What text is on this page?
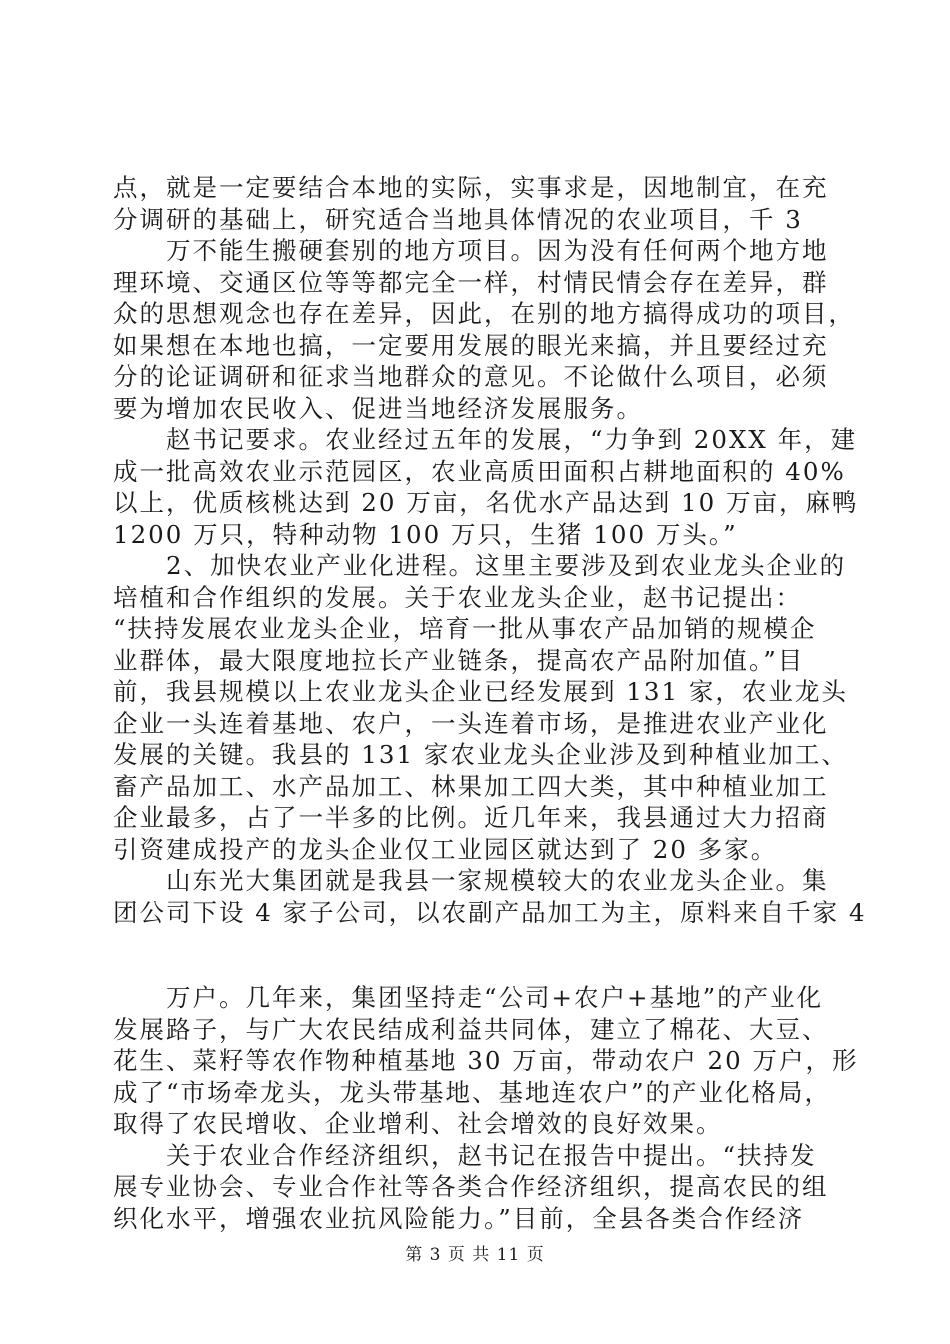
点，就是一定要结合本地的实际，实事求是，因地制宜，在充
分调研的基础上，研究适合当地具体情况的农业项目，千 3
　　万不能生搬硬套别的地方项目。因为没有任何两个地方地
理环境、交通区位等等都完全一样，村情民情会存在差异，群
众的思想观念也存在差异，因此，在别的地方搞得成功的项目，
如果想在本地也搞，一定要用发展的眼光来搞，并且要经过充
分的论证调研和征求当地群众的意见。不论做什么项目，必须
要为增加农民收入、促进当地经济发展服务。
　　赵书记要求。农业经过五年的发展，“力争到 20XX 年，建
成一批高效农业示范园区，农业高质田面积占耕地面积的 40%
以上，优质核桃达到 20 万亩，名优水产品达到 10 万亩，麻鸭
1200 万只，特种动物 100 万只，生猪 100 万头。”
　　2、加快农业产业化进程。这里主要涉及到农业龙头企业的
培植和合作组织的发展。关于农业龙头企业，赵书记提出：
“扶持发展农业龙头企业，培育一批从事农产品加销的规模企
业群体，最大限度地拉长产业链条，提高农产品附加值。”目
前，我县规模以上农业龙头企业已经发展到 131 家，农业龙头
企业一头连着基地、农户，一头连着市场，是推进农业产业化
发展的关键。我县的 131 家农业龙头企业涉及到种植业加工、
畜产品加工、水产品加工、林果加工四大类，其中种植业加工
企业最多，占了一半多的比例。近几年来，我县通过大力招商
引资建成投产的龙头企业仅工业园区就达到了 20 多家。
　　山东光大集团就是我县一家规模较大的农业龙头企业。集
团公司下设 4 家子公司，以农副产品加工为主，原料来自千家 4
　　万户。几年来，集团坚持走“公司+农户+基地”的产业化
发展路子，与广大农民结成利益共同体，建立了棉花、大豆、
花生、菜籽等农作物种植基地 30 万亩，带动农户 20 万户，形
成了“市场牵龙头，龙头带基地、基地连农户”的产业化格局，
取得了农民增收、企业增利、社会增效的良好效果。
　　关于农业合作经济组织，赵书记在报告中提出。“扶持发
展专业协会、专业合作社等各类合作经济组织，提高农民的组
织化水平，增强农业抗风险能力。”目前，全县各类合作经济
第 3 页 共 11 页
